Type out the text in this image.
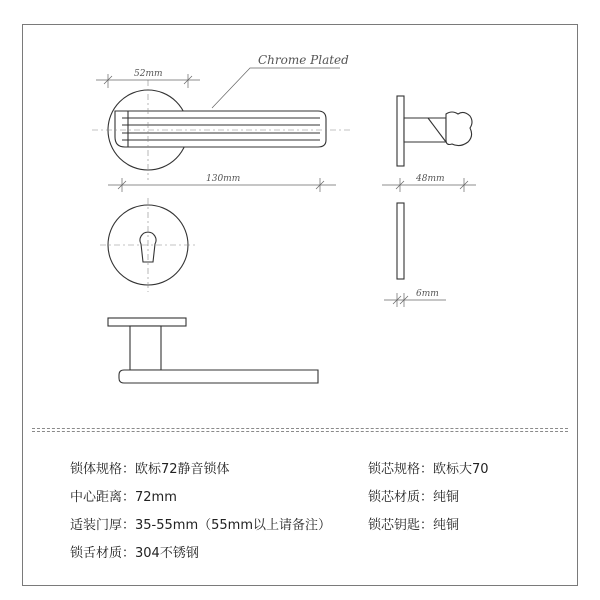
52mm
Chrome Plated
130mm	48mm
6mm
锁体规格：欧标72静音锁体
中心距离：72mm
适装门厚：35-55mm（55mm以上请备注）
锁舌材质：304不锈钢
锁芯规格：欧标大70
锁芯材质：纯铜
锁芯钥匙：纯铜
